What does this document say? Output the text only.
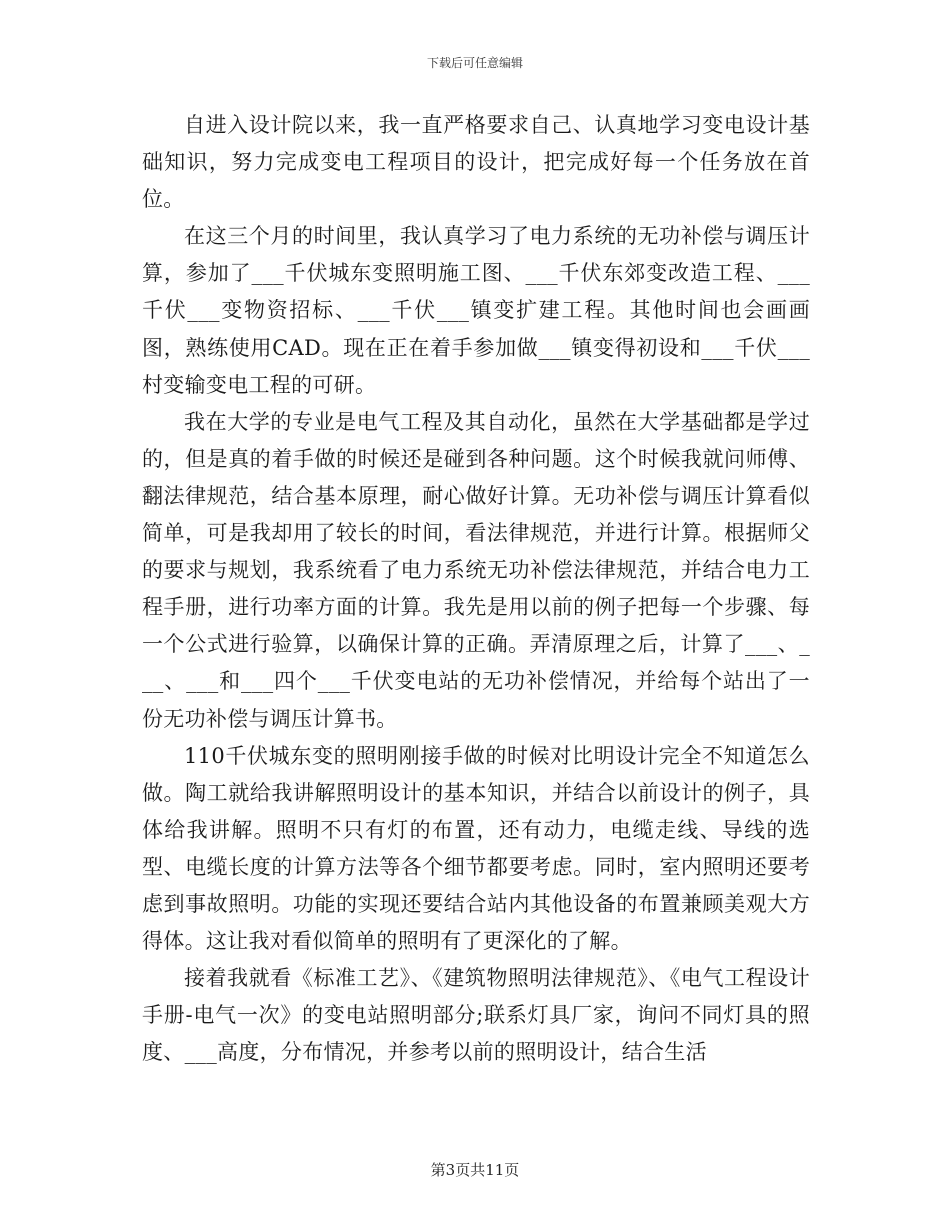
下载后可任意编辑

自进入设计院以来，我一直严格要求自己、认真地学习变电设计基础知识，努力完成变电工程项目的设计，把完成好每一个任务放在首位。

在这三个月的时间里，我认真学习了电力系统的无功补偿与调压计算，参加了___千伏城东变照明施工图、___千伏东郊变改造工程、___千伏___变物资招标、___千伏___镇变扩建工程。其他时间也会画画图，熟练使用CAD。现在正在着手参加做___镇变得初设和___千伏___村变输变电工程的可研。

我在大学的专业是电气工程及其自动化，虽然在大学基础都是学过的，但是真的着手做的时候还是碰到各种问题。这个时候我就问师傅、翻法律规范，结合基本原理，耐心做好计算。无功补偿与调压计算看似简单，可是我却用了较长的时间，看法律规范，并进行计算。根据师父的要求与规划，我系统看了电力系统无功补偿法律规范，并结合电力工程手册，进行功率方面的计算。我先是用以前的例子把每一个步骤、每一个公式进行验算，以确保计算的正确。弄清原理之后，计算了___、___、___和___四个___千伏变电站的无功补偿情况，并给每个站出了一份无功补偿与调压计算书。

110千伏城东变的照明刚接手做的时候对比明设计完全不知道怎么做。陶工就给我讲解照明设计的基本知识，并结合以前设计的例子，具体给我讲解。照明不只有灯的布置，还有动力，电缆走线、导线的选型、电缆长度的计算方法等各个细节都要考虑。同时，室内照明还要考虑到事故照明。功能的实现还要结合站内其他设备的布置兼顾美观大方得体。这让我对看似简单的照明有了更深化的了解。

接着我就看《标准工艺》、《建筑物照明法律规范》、《电气工程设计手册-电气一次》的变电站照明部分;联系灯具厂家，询问不同灯具的照度、___高度，分布情况，并参考以前的照明设计，结合生活

第3页共11页
